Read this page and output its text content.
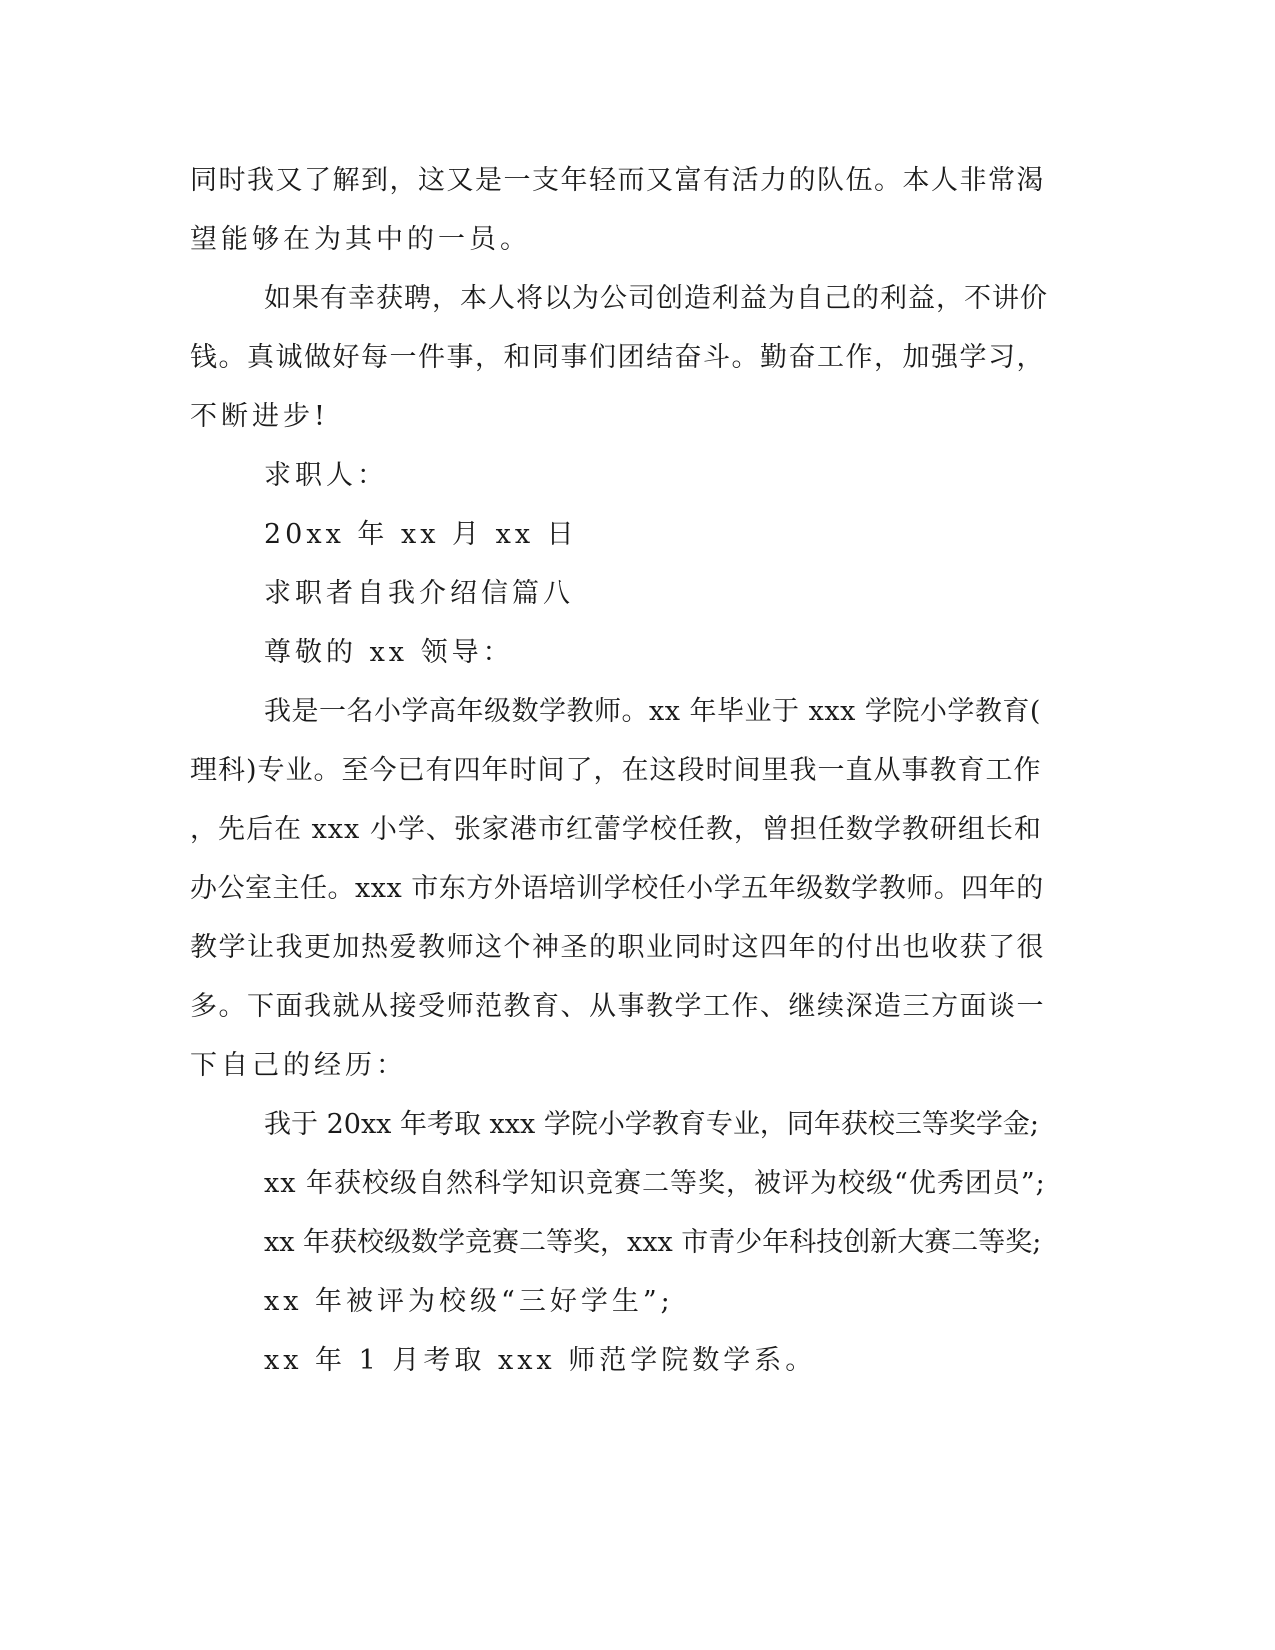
同时我又了解到，这又是一支年轻而又富有活力的队伍。本人非常渴
望能够在为其中的一员。
如果有幸获聘，本人将以为公司创造利益为自己的利益，不讲价
钱。真诚做好每一件事，和同事们团结奋斗。勤奋工作，加强学习，
不断进步!
求职人：
20xx 年 xx 月 xx 日
求职者自我介绍信篇八
尊敬的 xx 领导：
我是一名小学高年级数学教师。xx 年毕业于 xxx 学院小学教育(
理科)专业。至今已有四年时间了，在这段时间里我一直从事教育工作
，先后在 xxx 小学、张家港市红蕾学校任教，曾担任数学教研组长和
办公室主任。xxx 市东方外语培训学校任小学五年级数学教师。四年的
教学让我更加热爱教师这个神圣的职业同时这四年的付出也收获了很
多。下面我就从接受师范教育、从事教学工作、继续深造三方面谈一
下自己的经历：
我于 20xx 年考取 xxx 学院小学教育专业，同年获校三等奖学金;
xx 年获校级自然科学知识竞赛二等奖，被评为校级“优秀团员”;
xx 年获校级数学竞赛二等奖，xxx 市青少年科技创新大赛二等奖;
xx 年被评为校级“三好学生”;
xx 年 1 月考取 xxx 师范学院数学系。
